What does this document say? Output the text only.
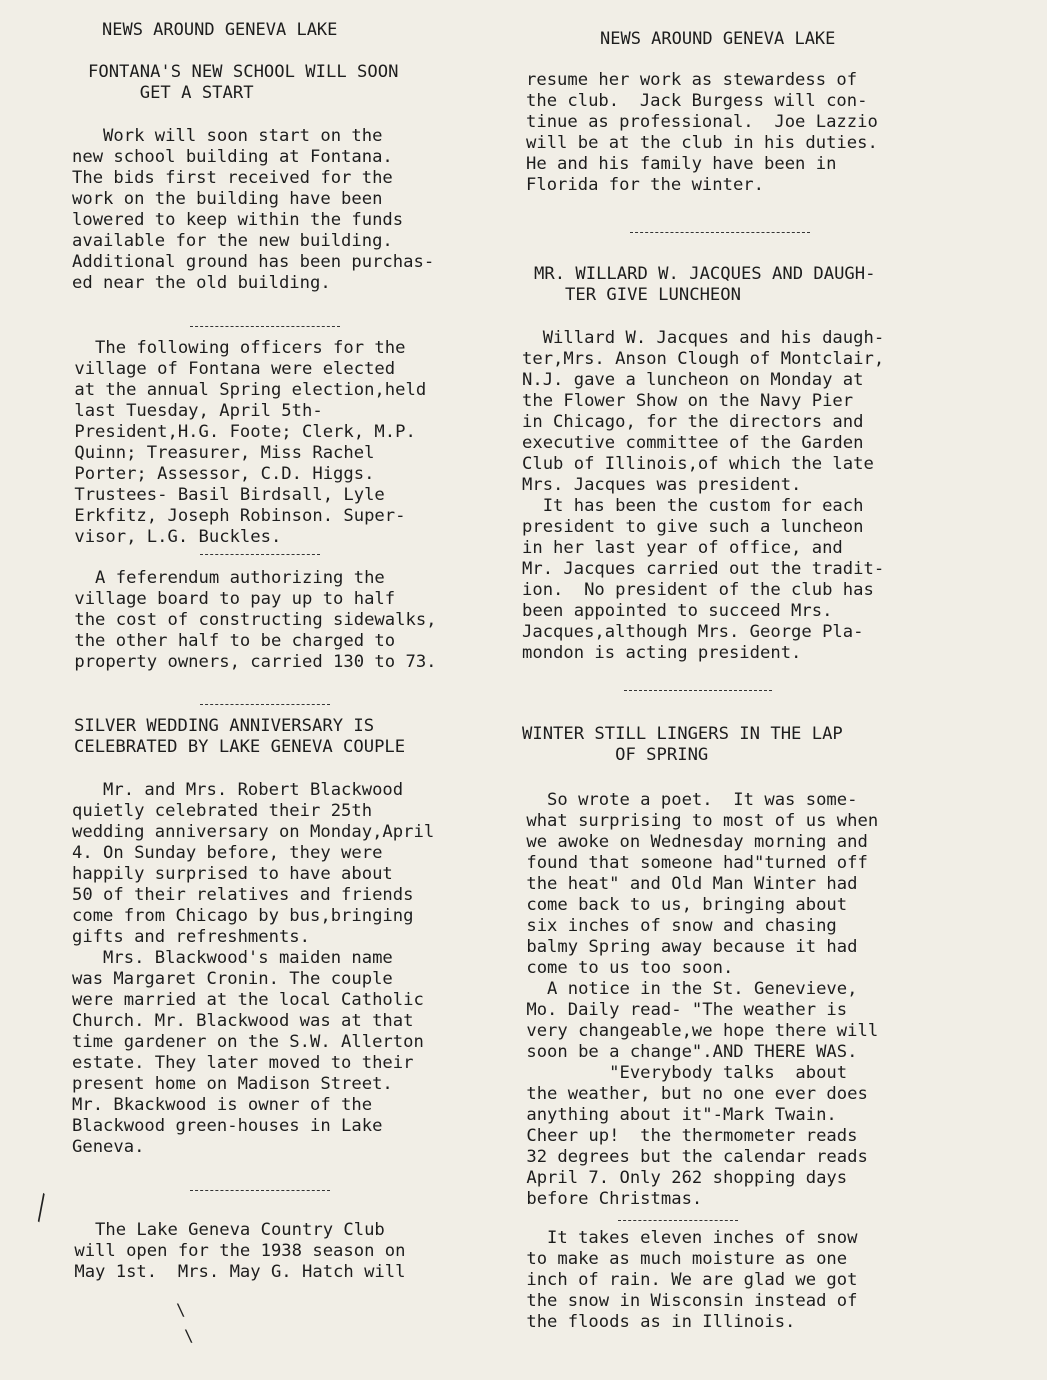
NEWS AROUND GENEVA LAKE	NEWS AROUND GENEVA LAKE

FONTANA'S NEW SCHOOL WILL SOON
GET A START

Work will soon start on the
new school building at Fontana.
The bids first received for the
work on the building have been
lowered to keep within the funds
available for the new building.
Additional ground has been purchas-
ed near the old building.

The following officers for the
village of Fontana were elected
at the annual Spring election,held
last Tuesday, April 5th-
President,H.G. Foote; Clerk, M.P.
Quinn; Treasurer, Miss Rachel
Porter; Assessor, C.D. Higgs.
Trustees- Basil Birdsall, Lyle
Erkfitz, Joseph Robinson. Super-
visor, L.G. Buckles.

A feferendum authorizing the
village board to pay up to half
the cost of constructing sidewalks,
the other half to be charged to
property owners, carried 130 to 73.

SILVER WEDDING ANNIVERSARY IS
CELEBRATED BY LAKE GENEVA COUPLE

Mr. and Mrs. Robert Blackwood
quietly celebrated their 25th
wedding anniversary on Monday,April
4. On Sunday before, they were
happily surprised to have about
50 of their relatives and friends
come from Chicago by bus,bringing
gifts and refreshments.
Mrs. Blackwood's maiden name
was Margaret Cronin. The couple
were married at the local Catholic
Church. Mr. Blackwood was at that
time gardener on the S.W. Allerton
estate. They later moved to their
present home on Madison Street.
Mr. Bkackwood is owner of the
Blackwood green-houses in Lake
Geneva.

The Lake Geneva Country Club
will open for the 1938 season on
May 1st.  Mrs. May G. Hatch will

resume her work as stewardess of
the club.  Jack Burgess will con-
tinue as professional.  Joe Lazzio
will be at the club in his duties.
He and his family have been in
Florida for the winter.

MR. WILLARD W. JACQUES AND DAUGH-
TER GIVE LUNCHEON

Willard W. Jacques and his daugh-
ter,Mrs. Anson Clough of Montclair,
N.J. gave a luncheon on Monday at
the Flower Show on the Navy Pier
in Chicago, for the directors and
executive committee of the Garden
Club of Illinois,of which the late
Mrs. Jacques was president.
It has been the custom for each
president to give such a luncheon
in her last year of office, and
Mr. Jacques carried out the tradit-
ion.  No president of the club has
been appointed to succeed Mrs.
Jacques,although Mrs. George Pla-
mondon is acting president.

WINTER STILL LINGERS IN THE LAP
OF SPRING

So wrote a poet.  It was some-
what surprising to most of us when
we awoke on Wednesday morning and
found that someone had"turned off
the heat" and Old Man Winter had
come back to us, bringing about
six inches of snow and chasing
balmy Spring away because it had
come to us too soon.
A notice in the St. Genevieve,
Mo. Daily read- "The weather is
very changeable,we hope there will
soon be a change".AND THERE WAS.
"Everybody talks  about
the weather, but no one ever does
anything about it"-Mark Twain.
Cheer up!  the thermometer reads
32 degrees but the calendar reads
April 7. Only 262 shopping days
before Christmas.

It takes eleven inches of snow
to make as much moisture as one
inch of rain. We are glad we got
the snow in Wisconsin instead of
the floods as in Illinois.

╲
\
\
